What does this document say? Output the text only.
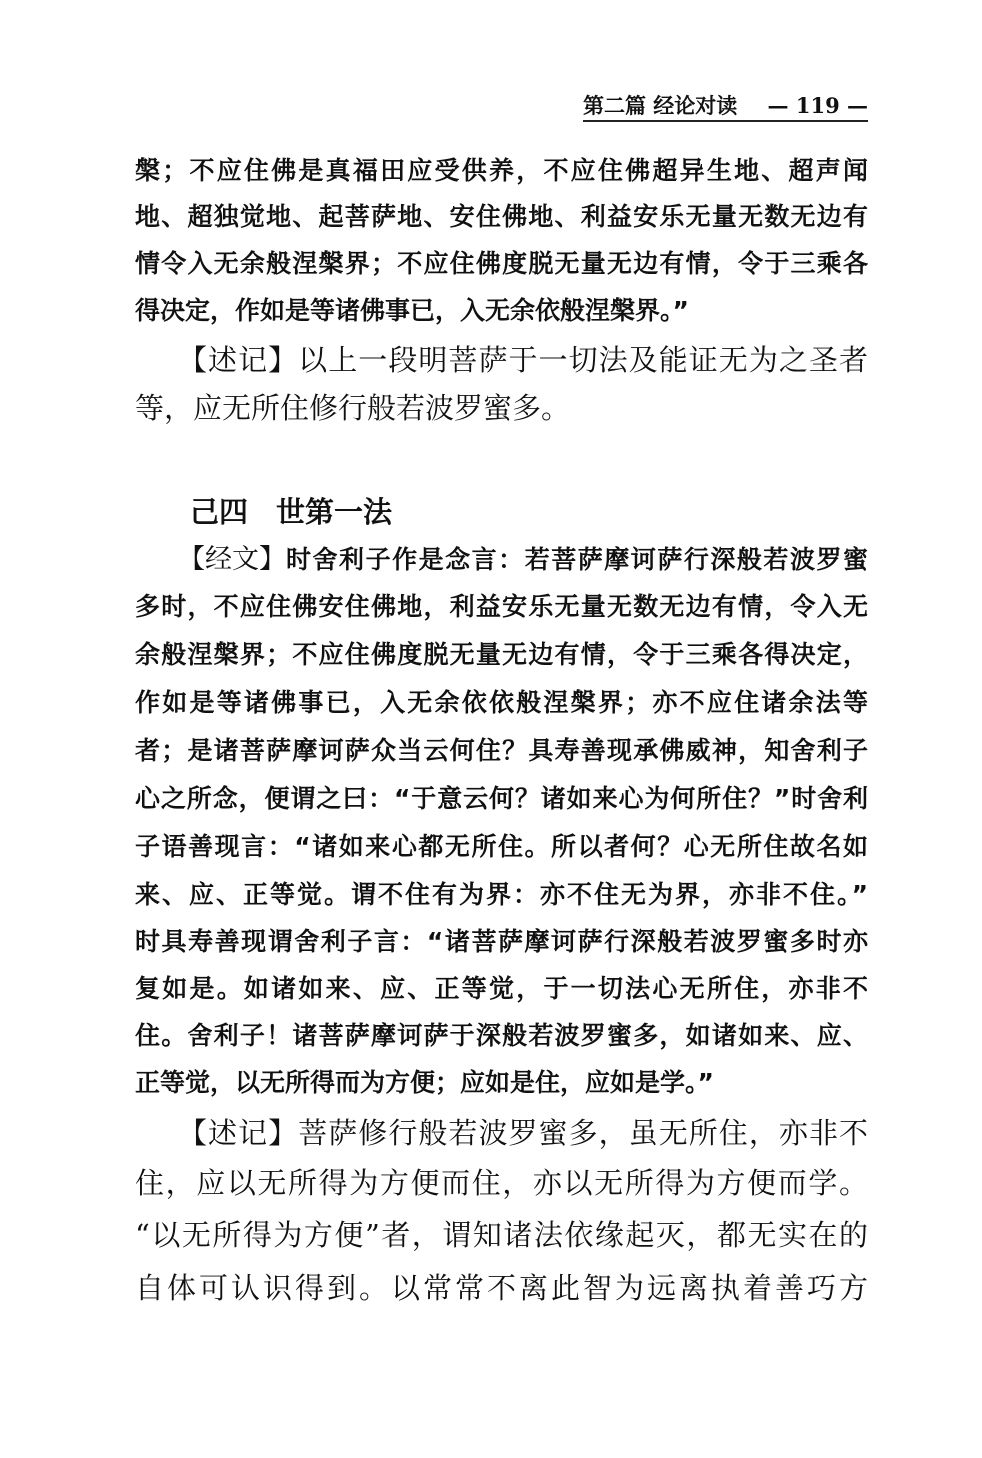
第二篇 经论对读 — 119 —
槃；不应住佛是真福田应受供养，不应住佛超异生地、超声闻
地、超独觉地、起菩萨地、安住佛地、利益安乐无量无数无边有
情令入无余般涅槃界；不应住佛度脱无量无边有情，令于三乘各
得决定，作如是等诸佛事已，入无余依般涅槃界。”
【述记】以上一段明菩萨于一切法及能证无为之圣者
等，应无所住修行般若波罗蜜多。
己四 世第一法
【经文】 时舍利子作是念言：若菩萨摩诃萨行深般若波罗蜜
多时，不应住佛安住佛地，利益安乐无量无数无边有情，令入无
余般涅槃界；不应住佛度脱无量无边有情，令于三乘各得决定，
作如是等诸佛事已，入无余依依般涅槃界；亦不应住诸余法等
者；是诸菩萨摩诃萨众当云何住？具寿善现承佛威神，知舍利子
心之所念，便谓之曰：“于意云何？诸如来心为何所住？”时舍利
子语善现言：“诸如来心都无所住。所以者何？心无所住故名如
来、应、正等觉。谓不住有为界：亦不住无为界，亦非不住。”
时具寿善现谓舍利子言：“诸菩萨摩诃萨行深般若波罗蜜多时亦
复如是。如诸如来、应、正等觉，于一切法心无所住，亦非不
住。舍利子！诸菩萨摩诃萨于深般若波罗蜜多，如诸如来、应、
正等觉，以无所得而为方便；应如是住，应如是学。”
【述记】菩萨修行般若波罗蜜多，虽无所住，亦非不
住，应以无所得为方便而住，亦以无所得为方便而学。
“以无所得为方便”者，谓知诸法依缘起灭，都无实在的
自体可认识得到。以常常不离此智为远离执着善巧方
